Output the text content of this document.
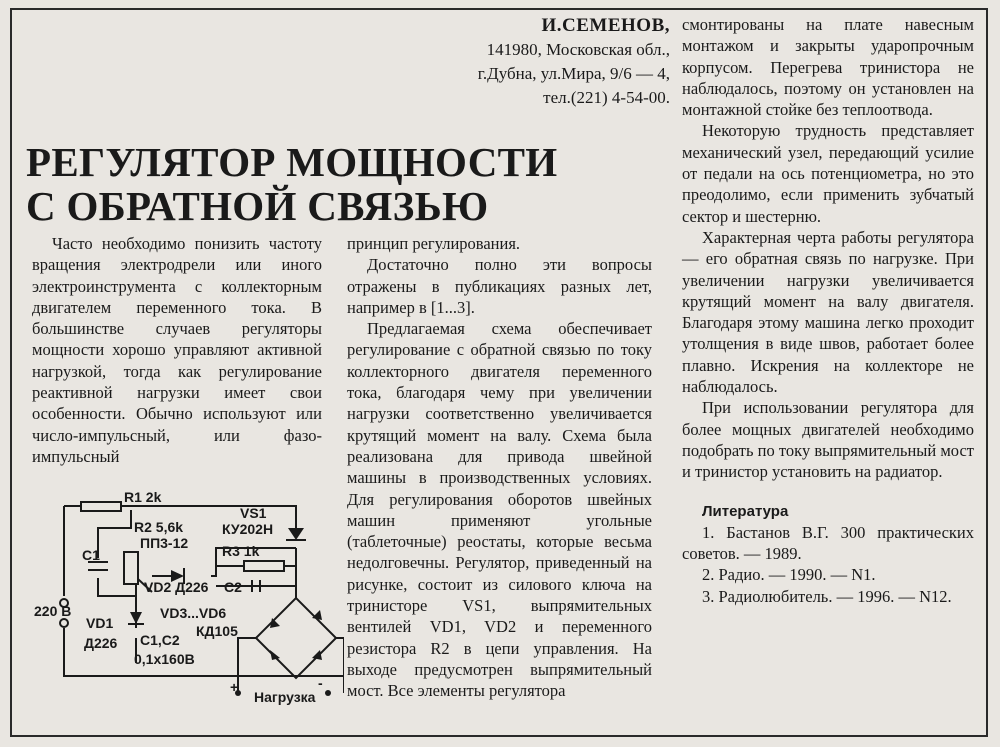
И.СЕМЕНОВ,
141980, Московская обл.,
г.Дубна, ул.Мира, 9/6 — 4,
тел.(221) 4-54-00.
РЕГУЛЯТОР МОЩНОСТИ
С ОБРАТНОЙ СВЯЗЬЮ

Часто необходимо понизить частоту вращения электродрели или иного электроинструмента с коллекторным двигателем переменного тока. В большинстве случаев регуляторы мощности хорошо управляют активной нагрузкой, тогда как регулирование реактивной нагрузки имеет свои особенности. Обычно используют или число-импульсный, или фазо-импульсный

R1 2k
R2 5,6k
ПП3-12
VS1
КУ202Н
R3 1k
C1
C2
VD2 Д226
VD1
Д226
VD3...VD6
КД105
C1,C2
0,1x160B
220 В
+	-
Нагрузка

принцип регулирования.

Достаточно полно эти вопросы отражены в публикациях разных лет, например в [1...3].

Предлагаемая схема обеспечивает регулирование с обратной связью по току коллекторного двигателя переменного тока, благодаря чему при увеличении нагрузки соответственно увеличивается крутящий момент на валу. Схема была реализована для привода швейной машины в производственных условиях. Для регулирования оборотов швейных машин применяют угольные (таблеточные) реостаты, которые весьма недолговечны. Регулятор, приведенный на рисунке, состоит из силового ключа на тринисторе VS1, выпрямительных вентилей VD1, VD2 и переменного резистора R2 в цепи управления. На выходе предусмотрен выпрямительный мост. Все элементы регулятора

смонтированы на плате навесным монтажом и закрыты ударопрочным корпусом. Перегрева тринистора не наблюдалось, поэтому он установлен на монтажной стойке без теплоотвода.

Некоторую трудность представляет механический узел, передающий усилие от педали на ось потенциометра, но это преодолимо, если применить зубчатый сектор и шестерню.

Характерная черта работы регулятора — его обратная связь по нагрузке. При увеличении нагрузки увеличивается крутящий момент на валу двигателя. Благодаря этому машина легко проходит утолщения в виде швов, работает более плавно. Искрения на коллекторе не наблюдалось.

При использовании регулятора для более мощных двигателей необходимо подобрать по току выпрямительный мост и тринистор установить на радиатор.

Литература

1. Бастанов В.Г. 300 практических советов. — 1989.

2. Радио. — 1990. — N1.

3. Радиолюбитель. — 1996. — N12.
